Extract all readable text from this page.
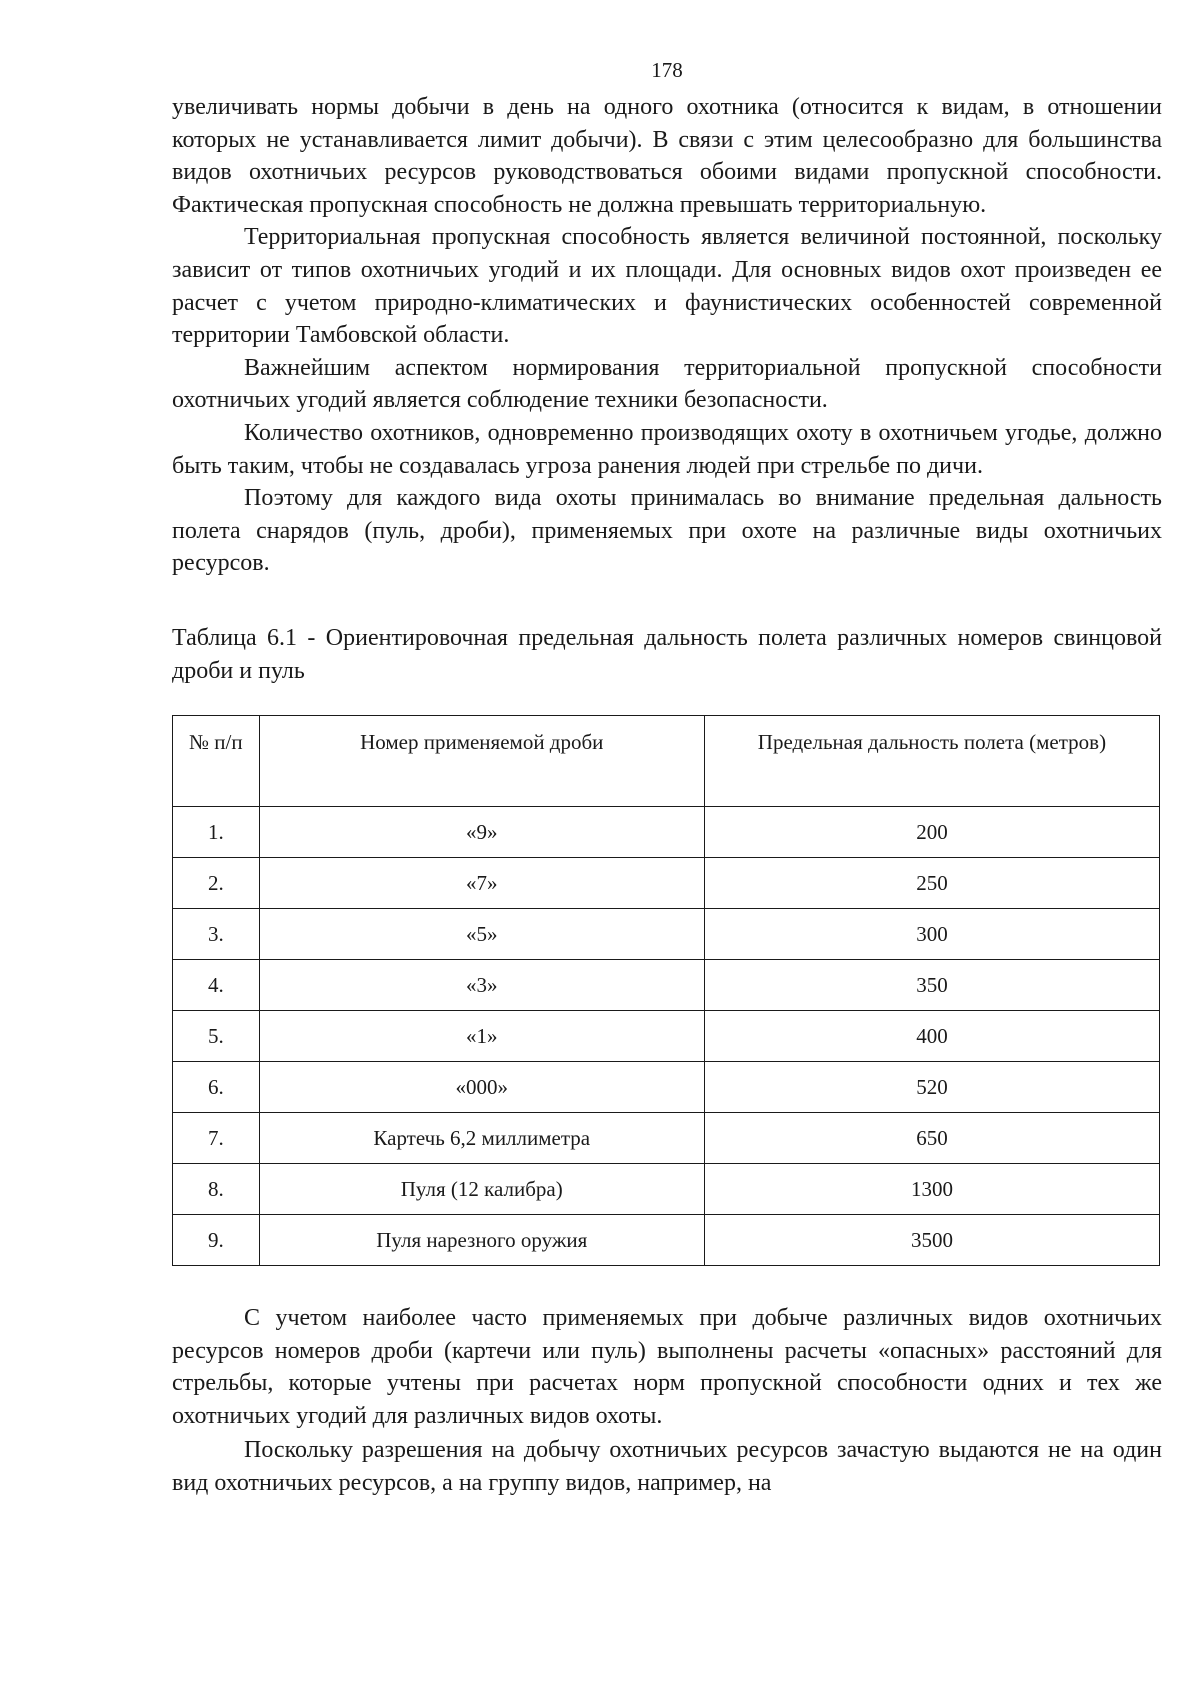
178

увеличивать нормы добычи в день на одного охотника (относится к видам, в отношении которых не устанавливается лимит добычи). В связи с этим целесообразно для большинства видов охотничьих ресурсов руководствоваться обоими видами пропускной способности. Фактическая пропускная способность не должна превышать территориальную.

Территориальная пропускная способность является величиной постоянной, поскольку зависит от типов охотничьих угодий и их площади. Для основных видов охот произведен ее расчет с учетом природно-климатических и фаунистических особенностей современной территории Тамбовской области.

Важнейшим аспектом нормирования территориальной пропускной способности охотничьих угодий является соблюдение техники безопасности.

Количество охотников, одновременно производящих охоту в охотничьем угодье, должно быть таким, чтобы не создавалась угроза ранения людей при стрельбе по дичи.

Поэтому для каждого вида охоты принималась во внимание предельная дальность полета снарядов (пуль, дроби), применяемых при охоте на различные виды охотничьих ресурсов.

Таблица 6.1 - Ориентировочная предельная дальность полета различных номеров свинцовой дроби и пуль
№ п/п	Номер применяемой дроби	Предельная дальность полета (метров)
1.	«9»	200
2.	«7»	250
3.	«5»	300
4.	«3»	350
5.	«1»	400
6.	«000»	520
7.	Картечь 6,2 миллиметра	650
8.	Пуля (12 калибра)	1300
9.	Пуля нарезного оружия	3500

С учетом наиболее часто применяемых при добыче различных видов охотничьих ресурсов номеров дроби (картечи или пуль) выполнены расчеты «опасных» расстояний для стрельбы, которые учтены при расчетах норм пропускной способности одних и тех же охотничьих угодий для различных видов охоты.

Поскольку разрешения на добычу охотничьих ресурсов зачастую выдаются не на один вид охотничьих ресурсов, а на группу видов, например, на
